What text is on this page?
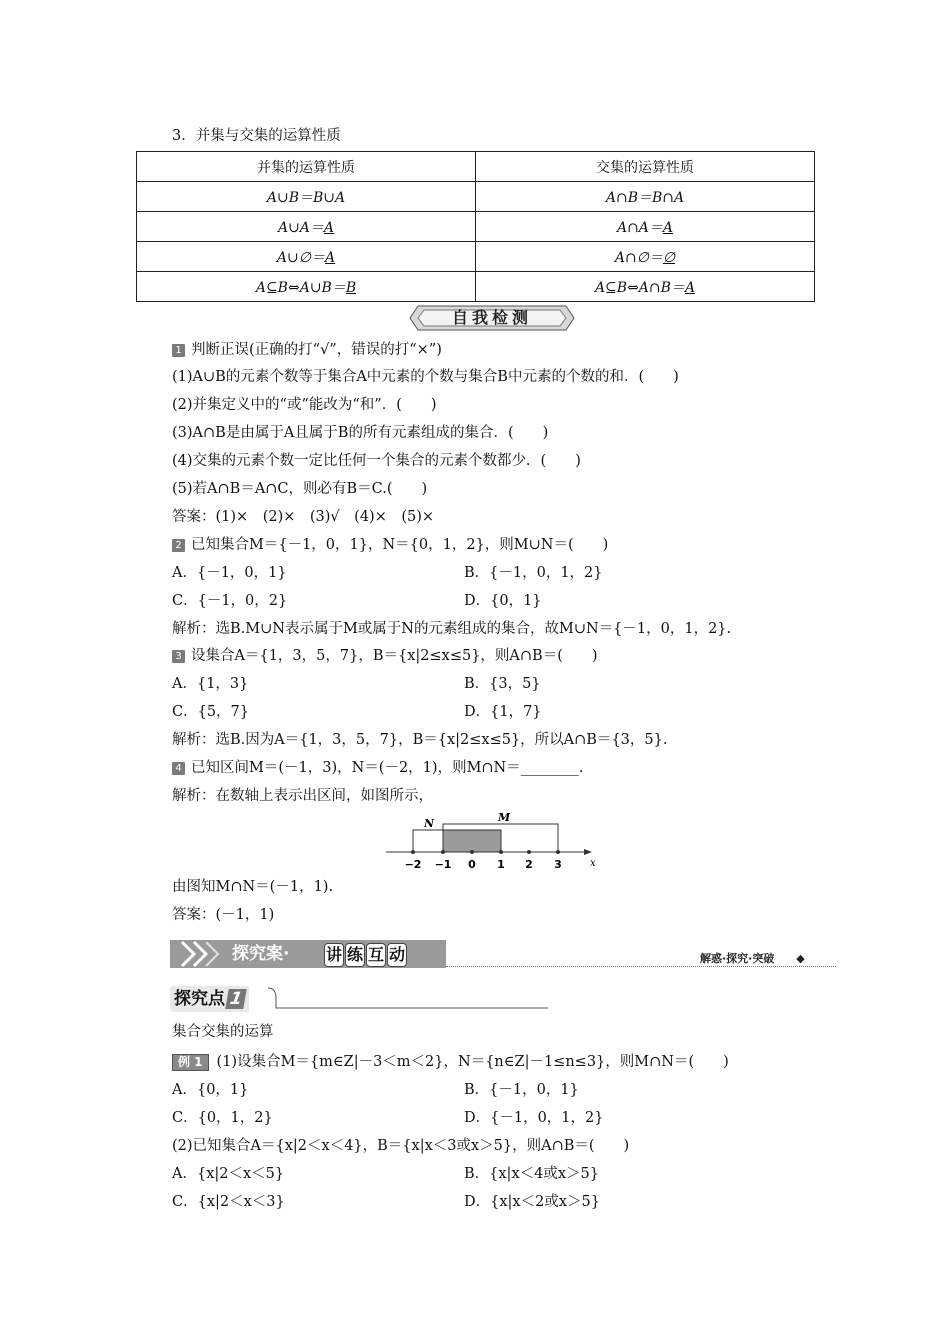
3．并集与交集的运算性质
并集的运算性质	交集的运算性质
A∪B＝B∪A	A∩B＝B∩A
A∪A＝A	A∩A＝A
A∪∅＝A	A∩∅＝∅
A⊆B⇔A∪B＝B	A⊆B⇔A∩B＝A
自我检测
1 判断正误(正确的打“√”，错误的打“×”)
(1)A∪B的元素个数等于集合A中元素的个数与集合B中元素的个数的和．(　　)
(2)并集定义中的“或”能改为“和”．(　　)
(3)A∩B是由属于A且属于B的所有元素组成的集合．(　　)
(4)交集的元素个数一定比任何一个集合的元素个数都少．(　　)
(5)若A∩B＝A∩C，则必有B＝C.(　　)
答案：(1)×　(2)×　(3)√　(4)×　(5)×
2 已知集合M＝{－1，0，1}，N＝{0，1，2}，则M∪N＝(　　)
A．{－1，0，1}	B．{－1，0，1，2}
C．{－1，0，2}	D．{0，1}
解析：选B.M∪N表示属于M或属于N的元素组成的集合，故M∪N＝{－1，0，1，2}.
3 设集合A＝{1，3，5，7}，B＝{x|2≤x≤5}，则A∩B＝(　　)
A．{1，3}	B．{3，5}
C．{5，7}	D．{1，7}
解析：选B.因为A＝{1，3，5，7}，B＝{x|2≤x≤5}，所以A∩B＝{3，5}.
4 已知区间M＝(－1，3)，N＝(－2，1)，则M∩N＝________.
解析：在数轴上表示出区间，如图所示，
N	M
−2 −1 0 1 2 3	x
由图知M∩N＝(－1，1).
答案：(－1，1)
探究案· 讲 练 互 动	解惑·探究·突破 ◆
探究点 1
集合交集的运算
例 1 (1)设集合M＝{m∈Z|－3＜m＜2}，N＝{n∈Z|－1≤n≤3}，则M∩N＝(　　)
A．{0，1}	B．{－1，0，1}
C．{0，1，2}	D．{－1，0，1，2}
(2)已知集合A＝{x|2＜x＜4}，B＝{x|x＜3或x＞5}，则A∩B＝(　　)
A．{x|2＜x＜5}	B．{x|x＜4或x＞5}
C．{x|2＜x＜3}	D．{x|x＜2或x＞5}
